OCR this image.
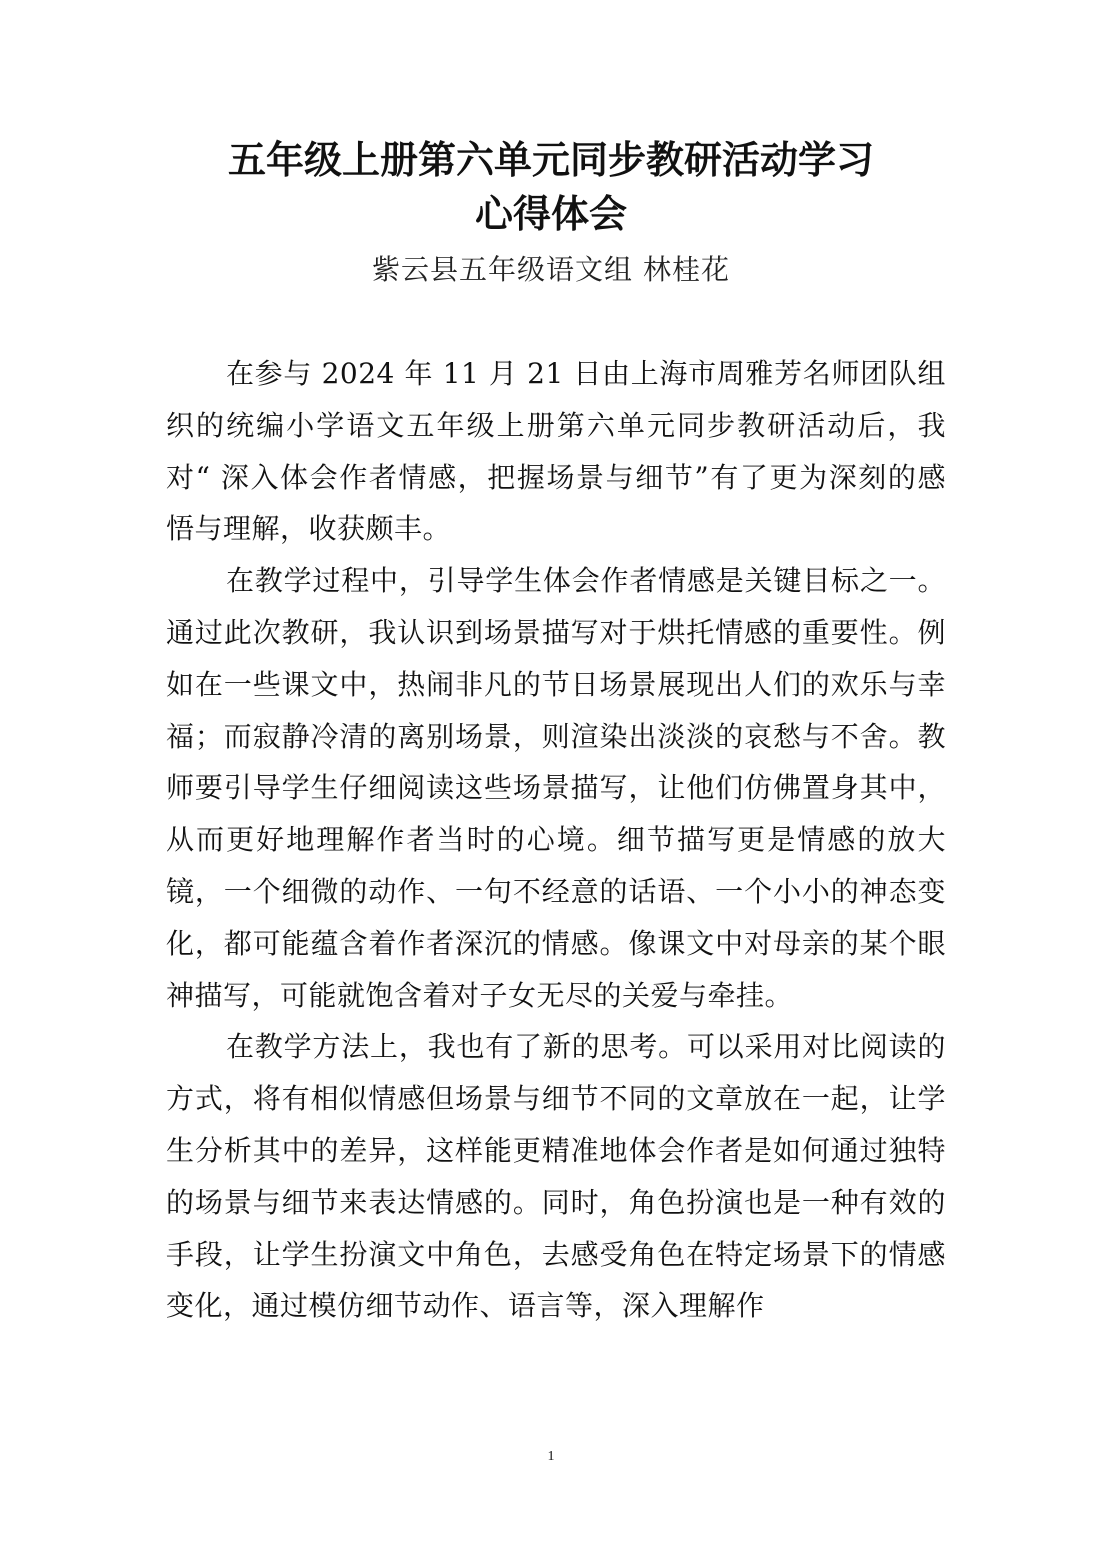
五年级上册第六单元同步教研活动学习
心得体会
紫云县五年级语文组 林桂花

在参与 2024 年 11 月 21 日由上海市周雅芳名师团队组织的统编小学语文五年级上册第六单元同步教研活动后，我对“ 深入体会作者情感，把握场景与细节”有了更为深刻的感悟与理解，收获颇丰。

在教学过程中，引导学生体会作者情感是关键目标之一。通过此次教研，我认识到场景描写对于烘托情感的重要性。例如在一些课文中，热闹非凡的节日场景展现出人们的欢乐与幸福；而寂静冷清的离别场景，则渲染出淡淡的哀愁与不舍。教师要引导学生仔细阅读这些场景描写，让他们仿佛置身其中，从而更好地理解作者当时的心境。细节描写更是情感的放大镜，一个细微的动作、一句不经意的话语、一个小小的神态变化，都可能蕴含着作者深沉的情感。像课文中对母亲的某个眼神描写，可能就饱含着对子女无尽的关爱与牵挂。

在教学方法上，我也有了新的思考。可以采用对比阅读的方式，将有相似情感但场景与细节不同的文章放在一起，让学生分析其中的差异，这样能更精准地体会作者是如何通过独特的场景与细节来表达情感的。同时，角色扮演也是一种有效的手段，让学生扮演文中角色，去感受角色在特定场景下的情感变化，通过模仿细节动作、语言等，深入理解作

1
